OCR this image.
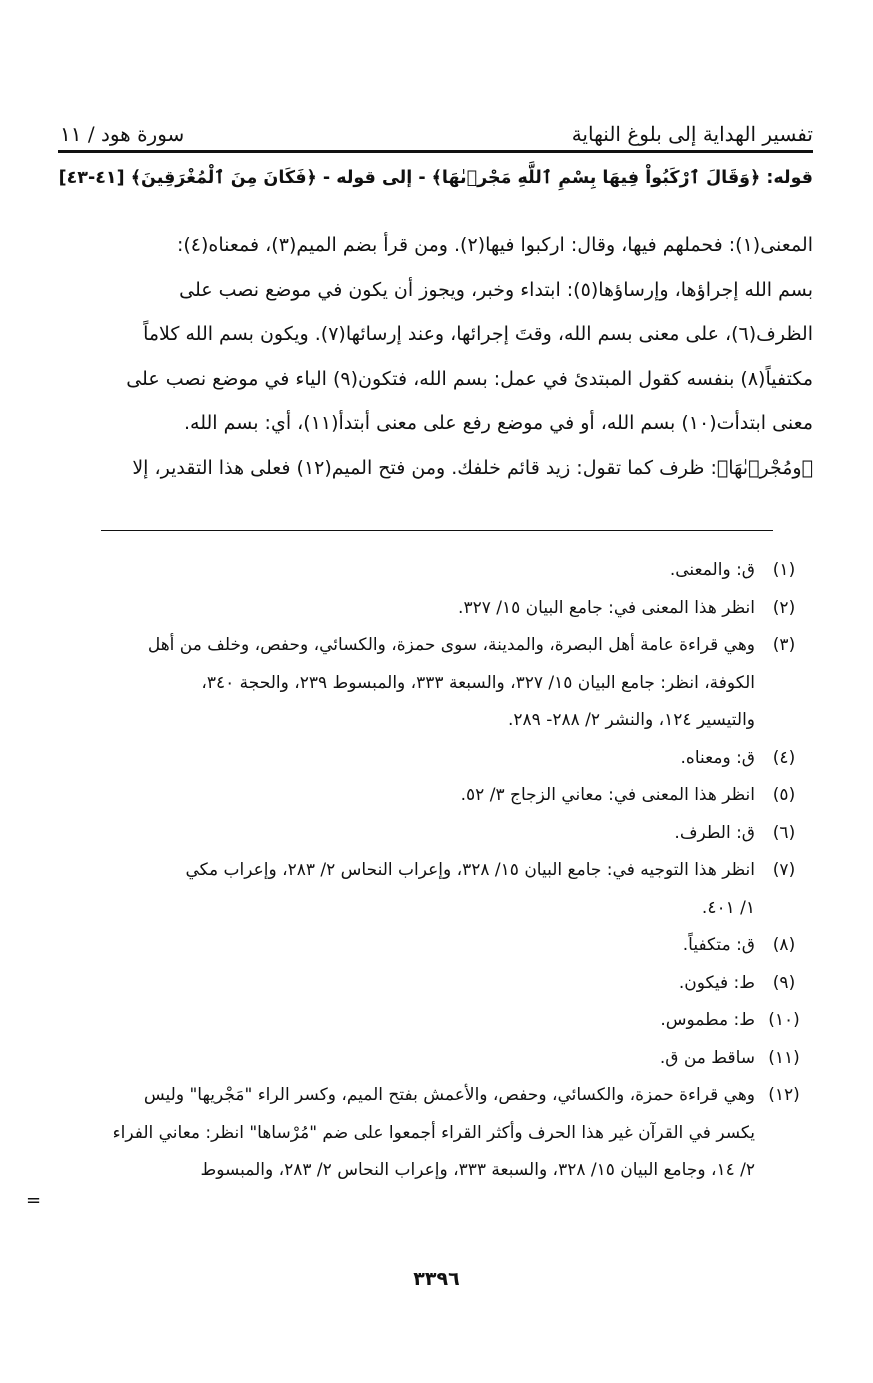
تفسير الهداية إلى بلوغ النهاية
سورة هود / ١١
قوله: ﴿وَقَالَ ٱرْكَبُواْ فِيهَا بِسْمِ ٱللَّهِ مَجْرٜىٰهَا﴾ - إلى قوله - ﴿فَكَانَ مِنَ ٱلْمُغْرَقِينَ﴾ [٤١-٤٣]

المعنى(١): فحملهم فيها، وقال: اركبوا فيها(٢). ومن قرأ بضم الميم(٣)، فمعناه(٤):

بسم الله إجراؤها، وإرساؤها(٥): ابتداء وخبر، ويجوز أن يكون في موضع نصب على

الظرف(٦)، على معنى بسم الله، وقتَ إجرائها، وعند إرسائها(٧). ويكون بسم الله كلاماً

مكتفياً(٨) بنفسه كقول المبتدئ في عمل: بسم الله، فتكون(٩) الياء في موضع نصب على

معنى ابتدأت(١٠) بسم الله، أو في موضع رفع على معنى أبتدأ(١١)، أي: بسم الله.

﴿ومُجْرٜىٰهَا﴾: ظرف كما تقول: زيد قائم خلفك. ومن فتح الميم(١٢) فعلى هذا التقدير، إلا

(١)
ق: والمعنى.
(٢)
انظر هذا المعنى في: جامع البيان ١٥/ ٣٢٧.
(٣)
وهي قراءة عامة أهل البصرة، والمدينة، سوى حمزة، والكسائي، وحفص، وخلف من أهل
الكوفة، انظر: جامع البيان ١٥/ ٣٢٧، والسبعة ٣٣٣، والمبسوط ٢٣٩، والحجة ٣٤٠،
والتيسير ١٢٤، والنشر ٢/ ٢٨٨- ٢٨٩.
(٤)
ق: ومعناه.
(٥)
انظر هذا المعنى في: معاني الزجاج ٣/ ٥٢.
(٦)
ق: الطرف.
(٧)
انظر هذا التوجيه في: جامع البيان ١٥/ ٣٢٨، وإعراب النحاس ٢/ ٢٨٣، وإعراب مكي
١/ ٤٠١.
(٨)
ق: متكفياً.
(٩)
ط: فيكون.
(١٠)
ط: مطموس.
(١١)
ساقط من ق.
(١٢)
وهي قراءة حمزة، والكسائي، وحفص، والأعمش بفتح الميم، وكسر الراء "مَجْريها" وليس
يكسر في القرآن غير هذا الحرف وأكثر القراء أجمعوا على ضم "مُرْساها" انظر: معاني الفراء
٢/ ١٤، وجامع البيان ١٥/ ٣٢٨، والسبعة ٣٣٣، وإعراب النحاس ٢/ ٢٨٣، والمبسوط
=
٣٣٩٦
